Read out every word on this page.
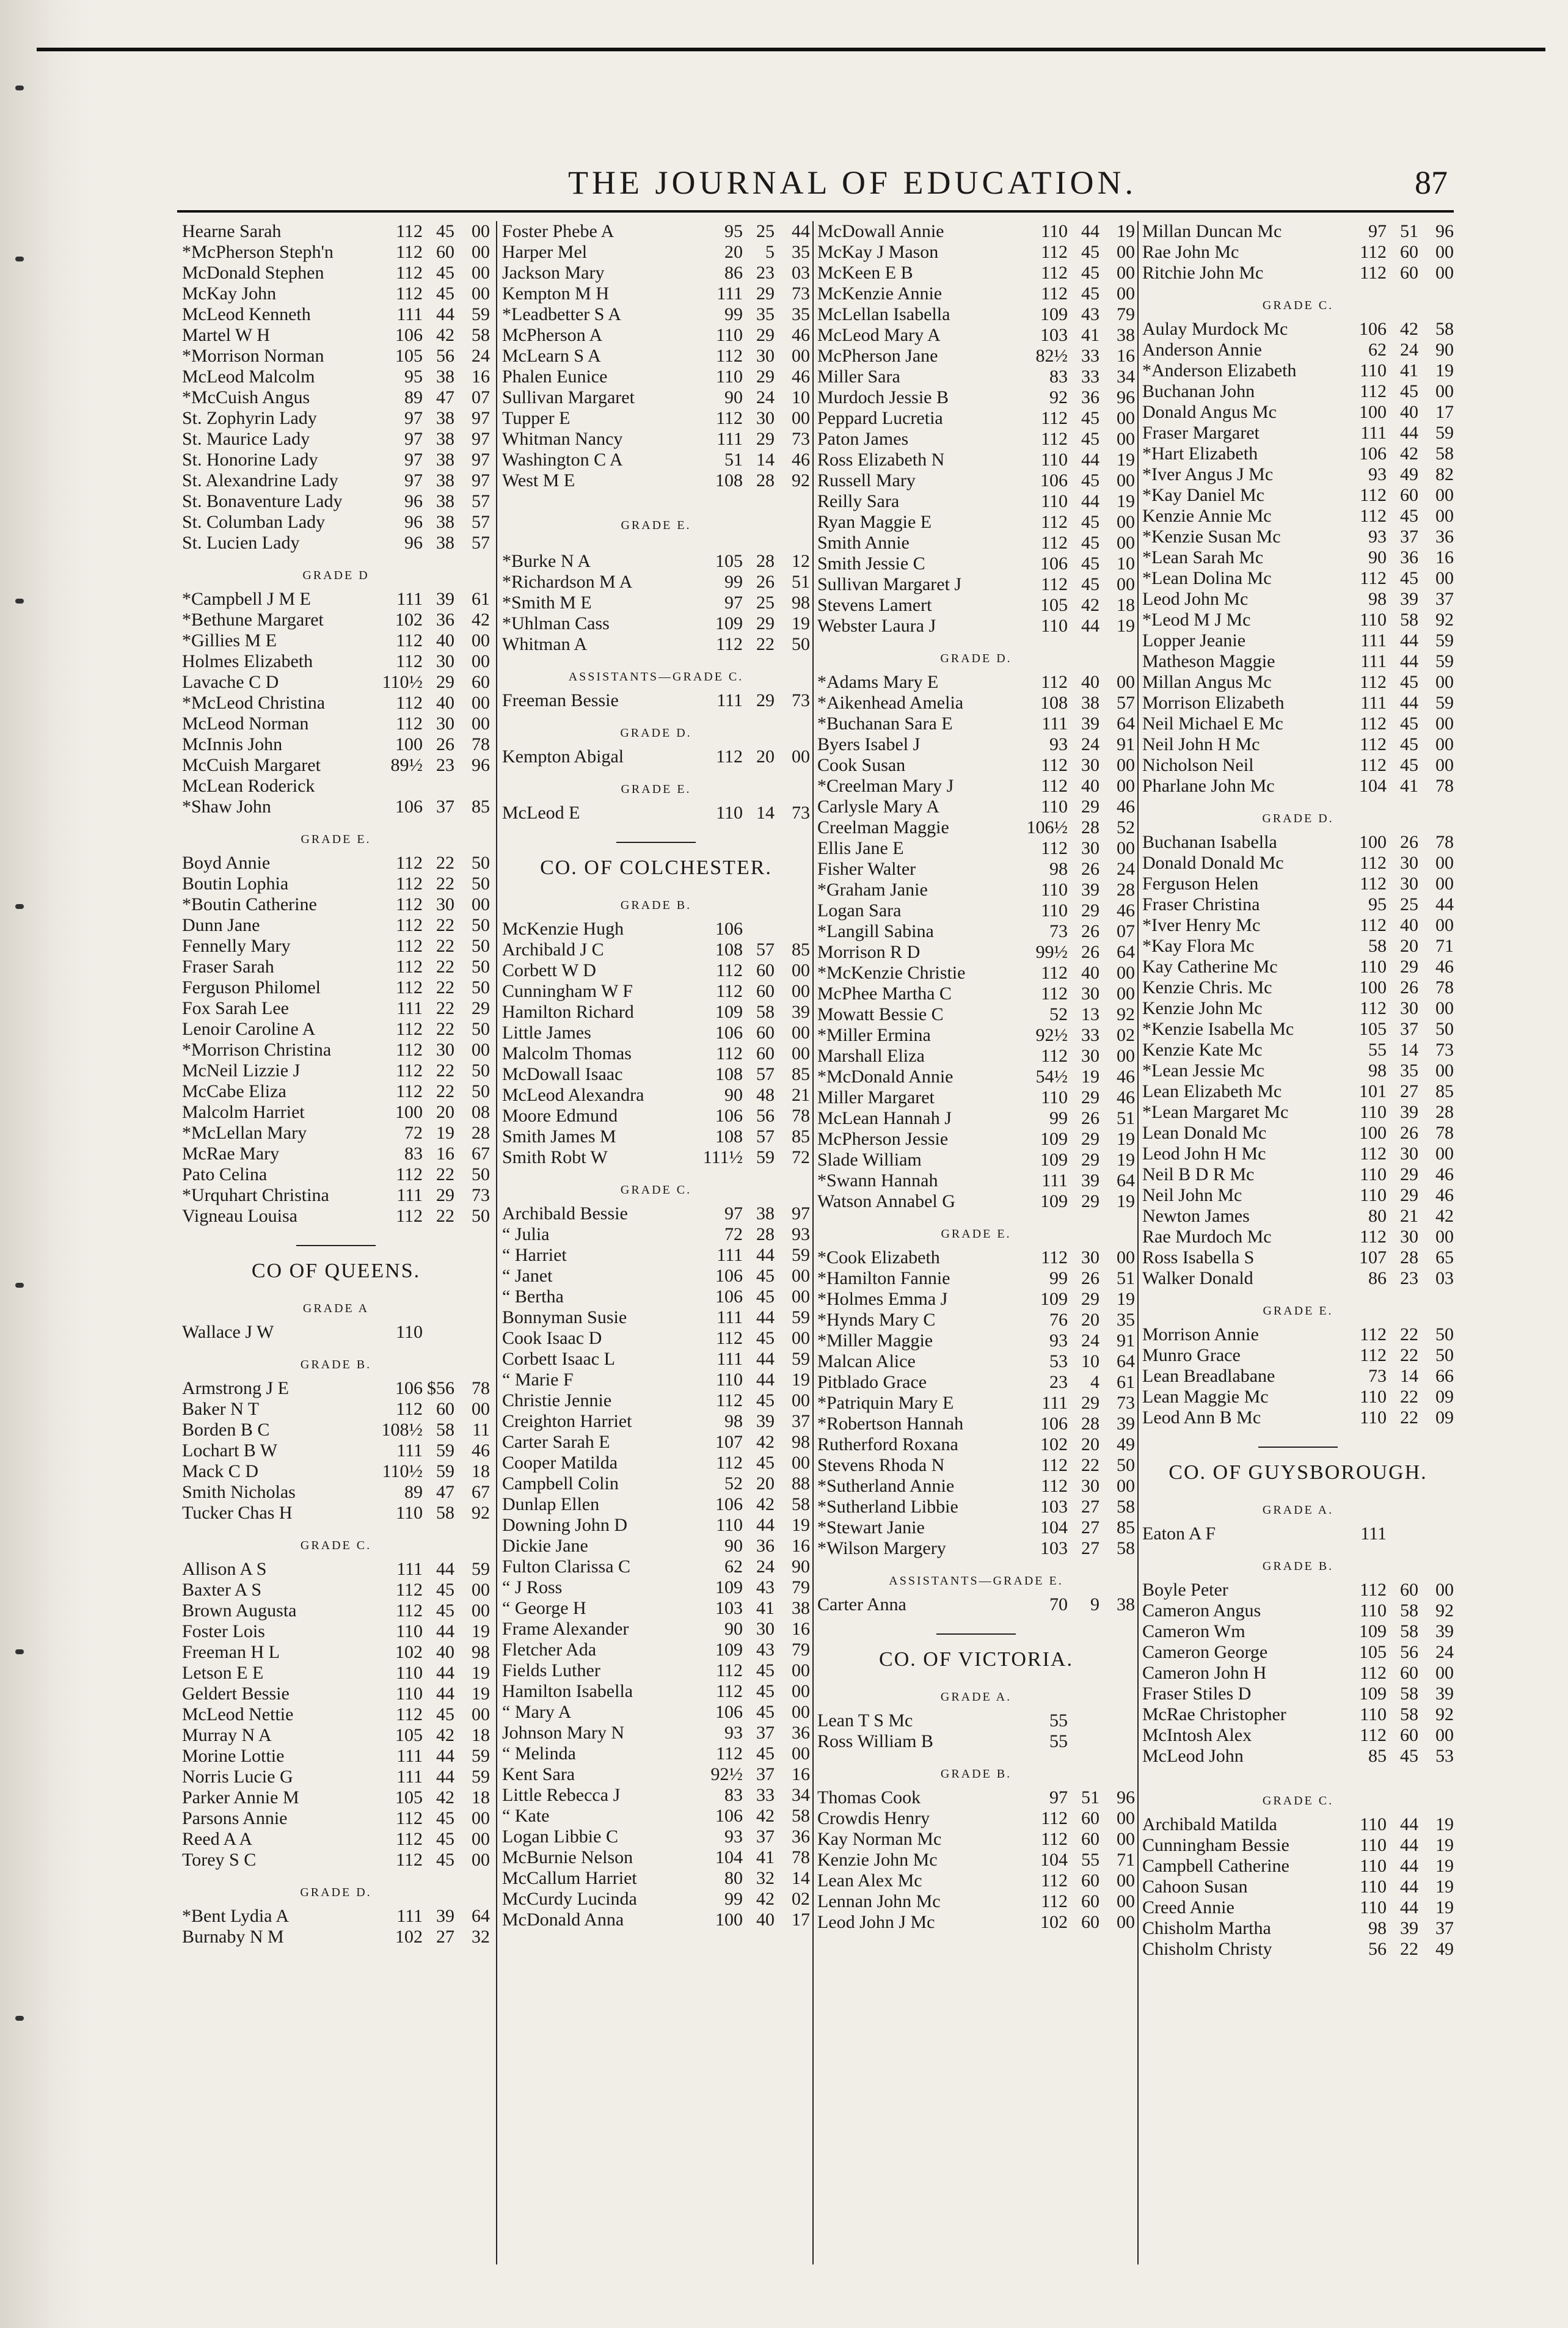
THE JOURNAL OF EDUCATION.	87
Hearne Sarah	112 45 00
*McPherson Steph'n	112 60 00
McDonald Stephen	112 45 00
McKay John	112 45 00
McLeod Kenneth	111 44 59
Martel W H	106 42 58
*Morrison Norman	105 56 24
McLeod Malcolm	95 38 16
*McCuish Angus	89 47 07
St. Zophyrin Lady	97 38 97
St. Maurice Lady	97 38 97
St. Honorine Lady	97 38 97
St. Alexandrine Lady	97 38 97
St. Bonaventure Lady	96 38 57
St. Columban Lady	96 38 57
St. Lucien Lady	96 38 57
GRADE D
*Campbell J M E	111 39 61
*Bethune Margaret	102 36 42
*Gillies M E	112 40 00
Holmes Elizabeth	112 30 00
Lavache C D	110½ 29 60
*McLeod Christina	112 40 00
McLeod Norman	112 30 00
McInnis John	100 26 78
McCuish Margaret	89½ 23 96
McLean Roderick
*Shaw John	106 37 85
GRADE E.
Boyd Annie	112 22 50
Boutin Lophia	112 22 50
*Boutin Catherine	112 30 00
Dunn Jane	112 22 50
Fennelly Mary	112 22 50
Fraser Sarah	112 22 50
Ferguson Philomel	112 22 50
Fox Sarah Lee	111 22 29
Lenoir Caroline A	112 22 50
*Morrison Christina	112 30 00
McNeil Lizzie J	112 22 50
McCabe Eliza	112 22 50
Malcolm Harriet	100 20 08
*McLellan Mary	72 19 28
McRae Mary	83 16 67
Pato Celina	112 22 50
*Urquhart Christina	111 29 73
Vigneau Louisa	112 22 50
CO OF QUEENS.
GRADE A
Wallace J W	110
GRADE B.
Armstrong J E	106 $56 78
Baker N T	112 60 00
Borden B C	108½ 58 11
Lochart B W	111 59 46
Mack C D	110½ 59 18
Smith Nicholas	89 47 67
Tucker Chas H	110 58 92
GRADE C.
Allison A S	111 44 59
Baxter A S	112 45 00
Brown Augusta	112 45 00
Foster Lois	110 44 19
Freeman H L	102 40 98
Letson E E	110 44 19
Geldert Bessie	110 44 19
McLeod Nettie	112 45 00
Murray N A	105 42 18
Morine Lottie	111 44 59
Norris Lucie G	111 44 59
Parker Annie M	105 42 18
Parsons Annie	112 45 00
Reed A A	112 45 00
Torey S C	112 45 00
GRADE D.
*Bent Lydia A	111 39 64
Burnaby N M	102 27 32
Foster Phebe A	95 25 44
Harper Mel	20	5 35
Jackson Mary	86 23 03
Kempton M H	111 29 73
*Leadbetter S A	99 35 35
McPherson A	110 29 46
McLearn S A	112 30 00
Phalen Eunice	110 29 46
Sullivan Margaret	90 24 10
Tupper E	112 30 00
Whitman Nancy	111 29 73
Washington C A	51 14 46
West M E	108 28 92
GRADE E.
*Burke N A	105 28 12
*Richardson M A	99 26 51
*Smith M E	97 25 98
*Uhlman Cass	109 29 19
Whitman A	112 22 50
ASSISTANTS—GRADE C.
Freeman Bessie	111 29 73
GRADE D.
Kempton Abigal	112 20 00
GRADE E.
McLeod E	110 14 73
CO. OF COLCHESTER.
GRADE B.
McKenzie Hugh	106
Archibald J C	108 57 85
Corbett W D	112 60 00
Cunningham W F	112 60 00
Hamilton Richard	109 58 39
Little James	106 60 00
Malcolm Thomas	112 60 00
McDowall Isaac	108 57 85
McLeod Alexandra	90 48 21
Moore Edmund	106 56 78
Smith James M	108 57 85
Smith Robt W	111½ 59 72
GRADE C.
Archibald Bessie	97 38 97
“ Julia	72 28 93
“ Harriet	111 44 59
“ Janet	106 45 00
“ Bertha	106 45 00
Bonnyman Susie	111 44 59
Cook Isaac D	112 45 00
Corbett Isaac L	111 44 59
“ Marie F	110 44 19
Christie Jennie	112 45 00
Creighton Harriet	98 39 37
Carter Sarah E	107 42 98
Cooper Matilda	112 45 00
Campbell Colin	52 20 88
Dunlap Ellen	106 42 58
Downing John D	110 44 19
Dickie Jane	90 36 16
Fulton Clarissa C	62 24 90
“ J Ross	109 43 79
“ George H	103 41 38
Frame Alexander	90 30 16
Fletcher Ada	109 43 79
Fields Luther	112 45 00
Hamilton Isabella	112 45 00
“ Mary A	106 45 00
Johnson Mary N	93 37 36
“ Melinda	112 45 00
Kent Sara	92½ 37 16
Little Rebecca J	83 33 34
“ Kate	106 42 58
Logan Libbie C	93 37 36
McBurnie Nelson	104 41 78
McCallum Harriet	80 32 14
McCurdy Lucinda	99 42 02
McDonald Anna	100 40 17
McDowall Annie	110 44 19
McKay J Mason	112 45 00
McKeen E B	112 45 00
McKenzie Annie	112 45 00
McLellan Isabella	109 43 79
McLeod Mary A	103 41 38
McPherson Jane	82½ 33 16
Miller Sara	83 33 34
Murdoch Jessie B	92 36 96
Peppard Lucretia	112 45 00
Paton James	112 45 00
Ross Elizabeth N	110 44 19
Russell Mary	106 45 00
Reilly Sara	110 44 19
Ryan Maggie E	112 45 00
Smith Annie	112 45 00
Smith Jessie C	106 45 10
Sullivan Margaret J	112 45 00
Stevens Lamert	105 42 18
Webster Laura J	110 44 19
GRADE D.
*Adams Mary E	112 40 00
*Aikenhead Amelia	108 38 57
*Buchanan Sara E	111 39 64
Byers Isabel J	93 24 91
Cook Susan	112 30 00
*Creelman Mary J	112 40 00
Carlysle Mary A	110 29 46
Creelman Maggie	106½ 28 52
Ellis Jane E	112 30 00
Fisher Walter	98 26 24
*Graham Janie	110 39 28
Logan Sara	110 29 46
*Langill Sabina	73 26 07
Morrison R D	99½ 26 64
*McKenzie Christie	112 40 00
McPhee Martha C	112 30 00
Mowatt Bessie C	52 13 92
*Miller Ermina	92½ 33 02
Marshall Eliza	112 30 00
*McDonald Annie	54½ 19 46
Miller Margaret	110 29 46
McLean Hannah J	99 26 51
McPherson Jessie	109 29 19
Slade William	109 29 19
*Swann Hannah	111 39 64
Watson Annabel G	109 29 19
GRADE E.
*Cook Elizabeth	112 30 00
*Hamilton Fannie	99 26 51
*Holmes Emma J	109 29 19
*Hynds Mary C	76 20 35
*Miller Maggie	93 24 91
Malcan Alice	53 10 64
Pitblado Grace	23	4 61
*Patriquin Mary E	111 29 73
*Robertson Hannah	106 28 39
Rutherford Roxana	102 20 49
Stevens Rhoda N	112 22 50
*Sutherland Annie	112 30 00
*Sutherland Libbie	103 27 58
*Stewart Janie	104 27 85
*Wilson Margery	103 27 58
ASSISTANTS—GRADE E.
Carter Anna	70	9 38
CO. OF VICTORIA.
GRADE A.
Lean T S Mc	55
Ross William B	55
GRADE B.
Thomas Cook	97 51 96
Crowdis Henry	112 60 00
Kay Norman Mc	112 60 00
Kenzie John Mc	104 55 71
Lean Alex Mc	112 60 00
Lennan John Mc	112 60 00
Leod John J Mc	102 60 00
Millan Duncan Mc	97 51 96
Rae John Mc	112 60 00
Ritchie John Mc	112 60 00
GRADE C.
Aulay Murdock Mc	106 42 58
Anderson Annie	62 24 90
*Anderson Elizabeth	110 41 19
Buchanan John	112 45 00
Donald Angus Mc	100 40 17
Fraser Margaret	111 44 59
*Hart Elizabeth	106 42 58
*Iver Angus J Mc	93 49 82
*Kay Daniel Mc	112 60 00
Kenzie Annie Mc	112 45 00
*Kenzie Susan Mc	93 37 36
*Lean Sarah Mc	90 36 16
*Lean Dolina Mc	112 45 00
Leod John Mc	98 39 37
*Leod M J Mc	110 58 92
Lopper Jeanie	111 44 59
Matheson Maggie	111 44 59
Millan Angus Mc	112 45 00
Morrison Elizabeth	111 44 59
Neil Michael E Mc	112 45 00
Neil John H Mc	112 45 00
Nicholson Neil	112 45 00
Pharlane John Mc	104 41 78
GRADE D.
Buchanan Isabella	100 26 78
Donald Donald Mc	112 30 00
Ferguson Helen	112 30 00
Fraser Christina	95 25 44
*Iver Henry Mc	112 40 00
*Kay Flora Mc	58 20 71
Kay Catherine Mc	110 29 46
Kenzie Chris. Mc	100 26 78
Kenzie John Mc	112 30 00
*Kenzie Isabella Mc	105 37 50
Kenzie Kate Mc	55 14 73
*Lean Jessie Mc	98 35 00
Lean Elizabeth Mc	101 27 85
*Lean Margaret Mc	110 39 28
Lean Donald Mc	100 26 78
Leod John H Mc	112 30 00
Neil B D R Mc	110 29 46
Neil John Mc	110 29 46
Newton James	80 21 42
Rae Murdoch Mc	112 30 00
Ross Isabella S	107 28 65
Walker Donald	86 23 03
GRADE E.
Morrison Annie	112 22 50
Munro Grace	112 22 50
Lean Breadlabane	73 14 66
Lean Maggie Mc	110 22 09
Leod Ann B Mc	110 22 09
CO. OF GUYSBOROUGH.
GRADE A.
Eaton A F	111
GRADE B.
Boyle Peter	112 60 00
Cameron Angus	110 58 92
Cameron Wm	109 58 39
Cameron George	105 56 24
Cameron John H	112 60 00
Fraser Stiles D	109 58 39
McRae Christopher	110 58 92
McIntosh Alex	112 60 00
McLeod John	85 45 53
GRADE C.
Archibald Matilda	110 44 19
Cunningham Bessie	110 44 19
Campbell Catherine	110 44 19
Cahoon Susan	110 44 19
Creed Annie	110 44 19
Chisholm Martha	98 39 37
Chisholm Christy	56 22 49
